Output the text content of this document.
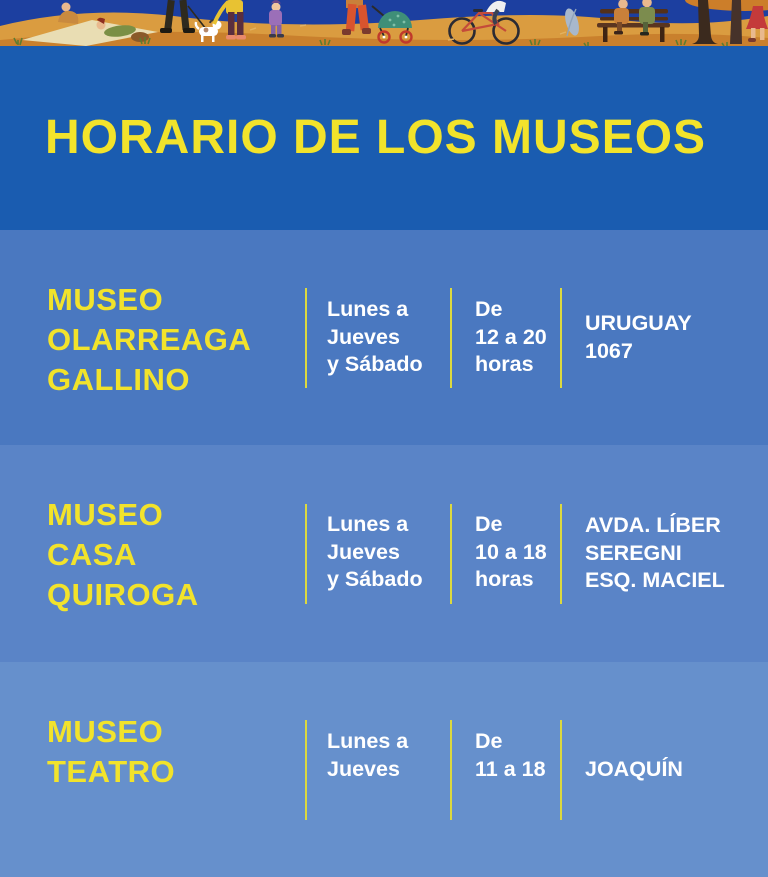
HORARIO DE LOS MUSEOS
MUSEO
OLARREAGA
GALLINO
Lunes a
Jueves
y Sábado
De
12 a 20
horas
URUGUAY
1067
MUSEO
CASA
QUIROGA
Lunes a
Jueves
y Sábado
De
10 a 18
horas
AVDA. LÍBER
SEREGNI
ESQ. MACIEL
MUSEO
TEATRO
Lunes a
Jueves
De
11 a 18	JOAQUÍN
